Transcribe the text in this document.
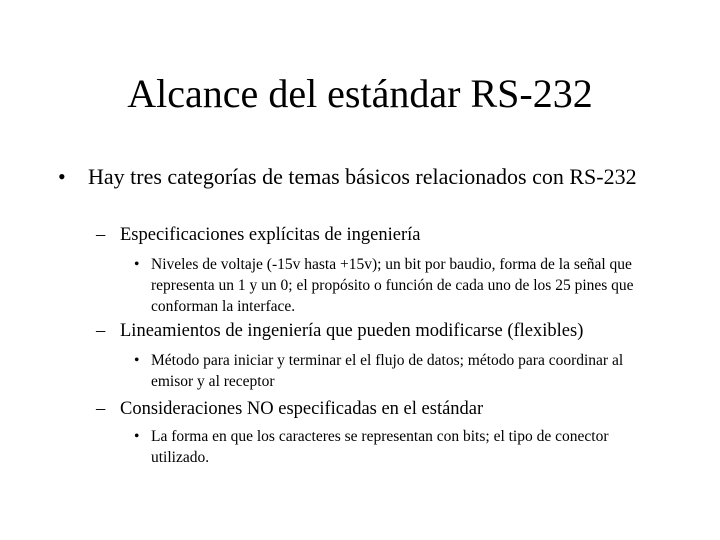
Alcance del estándar RS-232
•	Hay tres categorías de temas básicos relacionados con RS-232
– Especificaciones explícitas de ingeniería
• Niveles de voltaje (-15v hasta +15v); un bit por baudio, forma de la señal que representa un 1 y un 0; el propósito o función de cada uno de los 25 pines que conforman la interface.
– Lineamientos de ingeniería que pueden modificarse (flexibles)
• Método para iniciar y terminar el el flujo de datos; método para coordinar al emisor y al receptor
– Consideraciones NO especificadas en el estándar
• La forma en que los caracteres se representan con bits; el tipo de conector utilizado.
